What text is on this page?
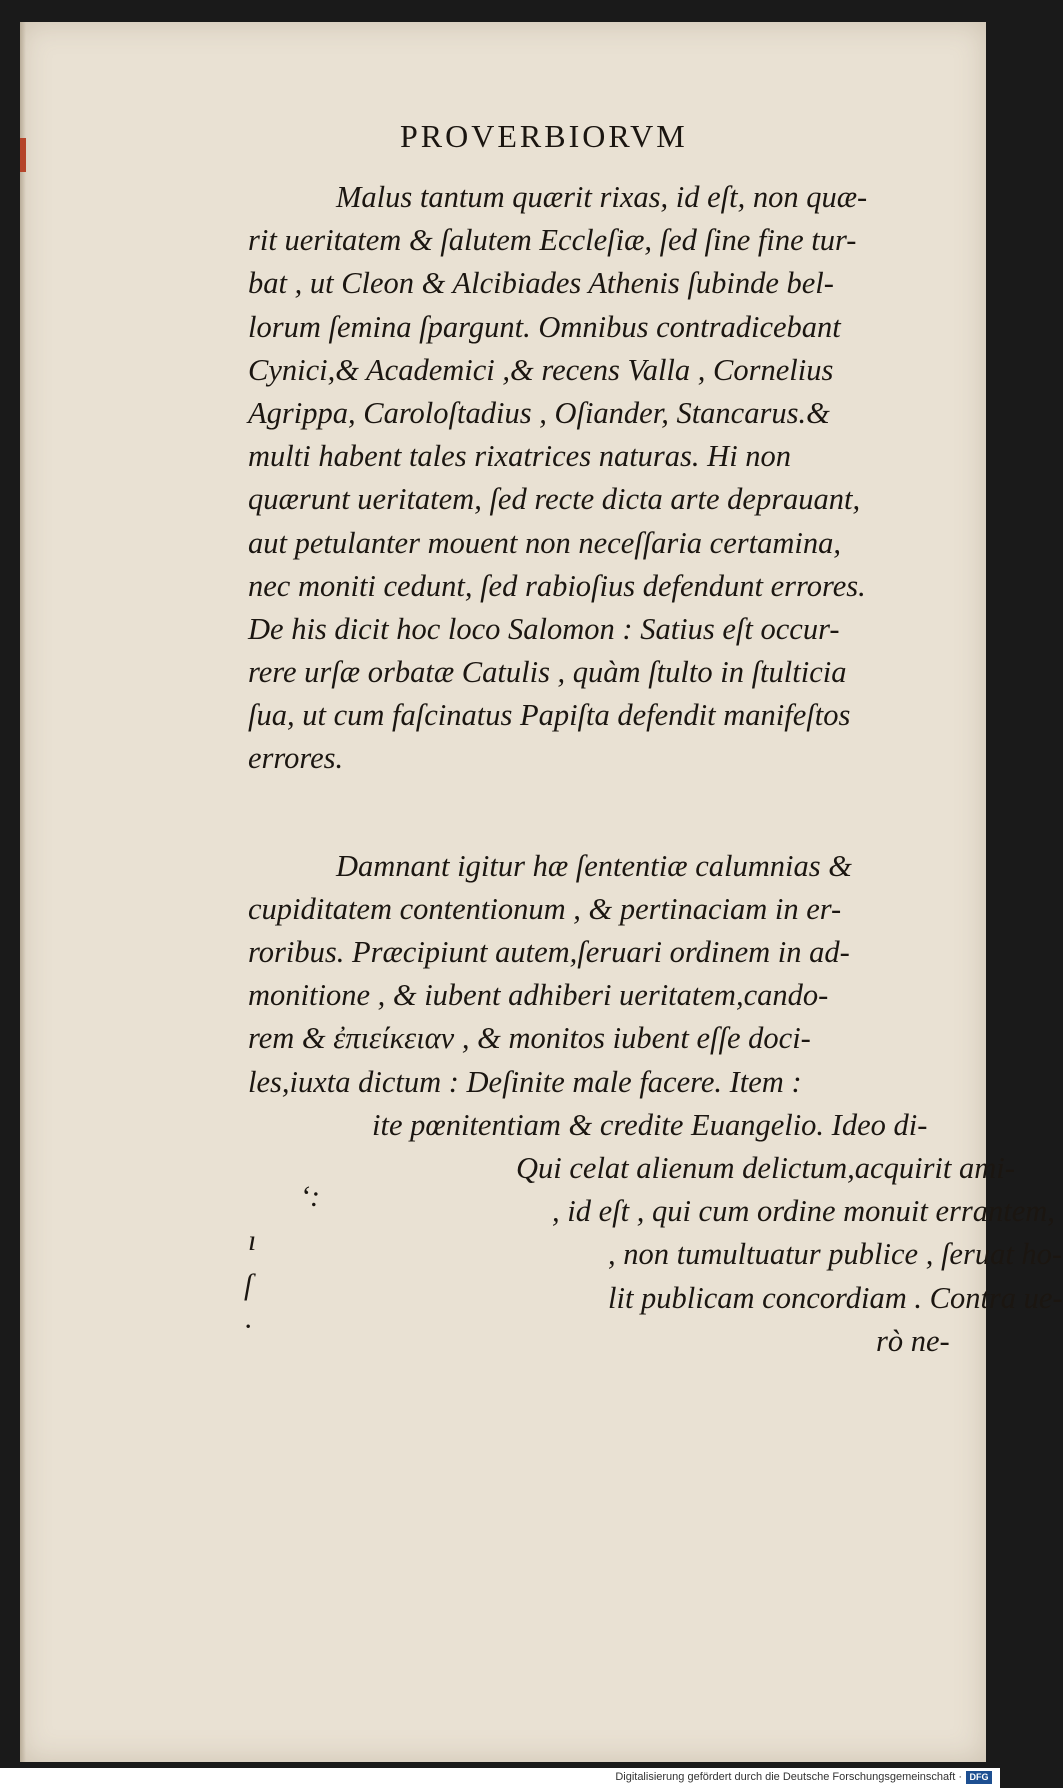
PROVERBIORVM
Malus tantum quærit rixas, id eſt, non quæ-
rit ueritatem & ſalutem Eccleſiæ, ſed ſine fine tur-
bat , ut Cleon & Alcibiades Athenis ſubinde bel-
lorum ſemina ſpargunt. Omnibus contradicebant
Cynici,& Academici ,& recens Valla , Cornelius
Agrippa, Caroloſtadius , Oſiander, Stancarus.&
multi habent tales rixatrices naturas. Hi non
quærunt ueritatem, ſed recte dicta arte deprauant,
aut petulanter mouent non neceſſaria certamina,
nec moniti cedunt, ſed rabioſius defendunt errores.
De his dicit hoc loco Salomon : Satius eſt occur-
rere urſæ orbatæ Catulis , quàm ſtulto in ſtulticia
ſua, ut cum faſcinatus Papiſta defendit manifeſtos
errores.
Damnant igitur hæ ſententiæ calumnias &
cupiditatem contentionum , & pertinaciam in er-
roribus. Præcipiunt autem,ſeruari ordinem in ad-
monitione , & iubent adhiberi ueritatem,cando-
rem & ἐπιείκειαν , & monitos iubent eſſe doci-
les,iuxta dictum : Deſinite male facere. Item :
ite pœnitentiam & credite Euangelio. Ideo di-
Qui celat alienum delictum,acquirit ami-
, id eſt , qui cum ordine monuit errantem,
, non tumultuatur publice , ſeruat ho-
lit publicam concordiam . Contra ue-
rò ne-
‘:
ı
ſ
·
Digitalisierung gefördert durch die Deutsche Forschungsgemeinschaft · DFG
